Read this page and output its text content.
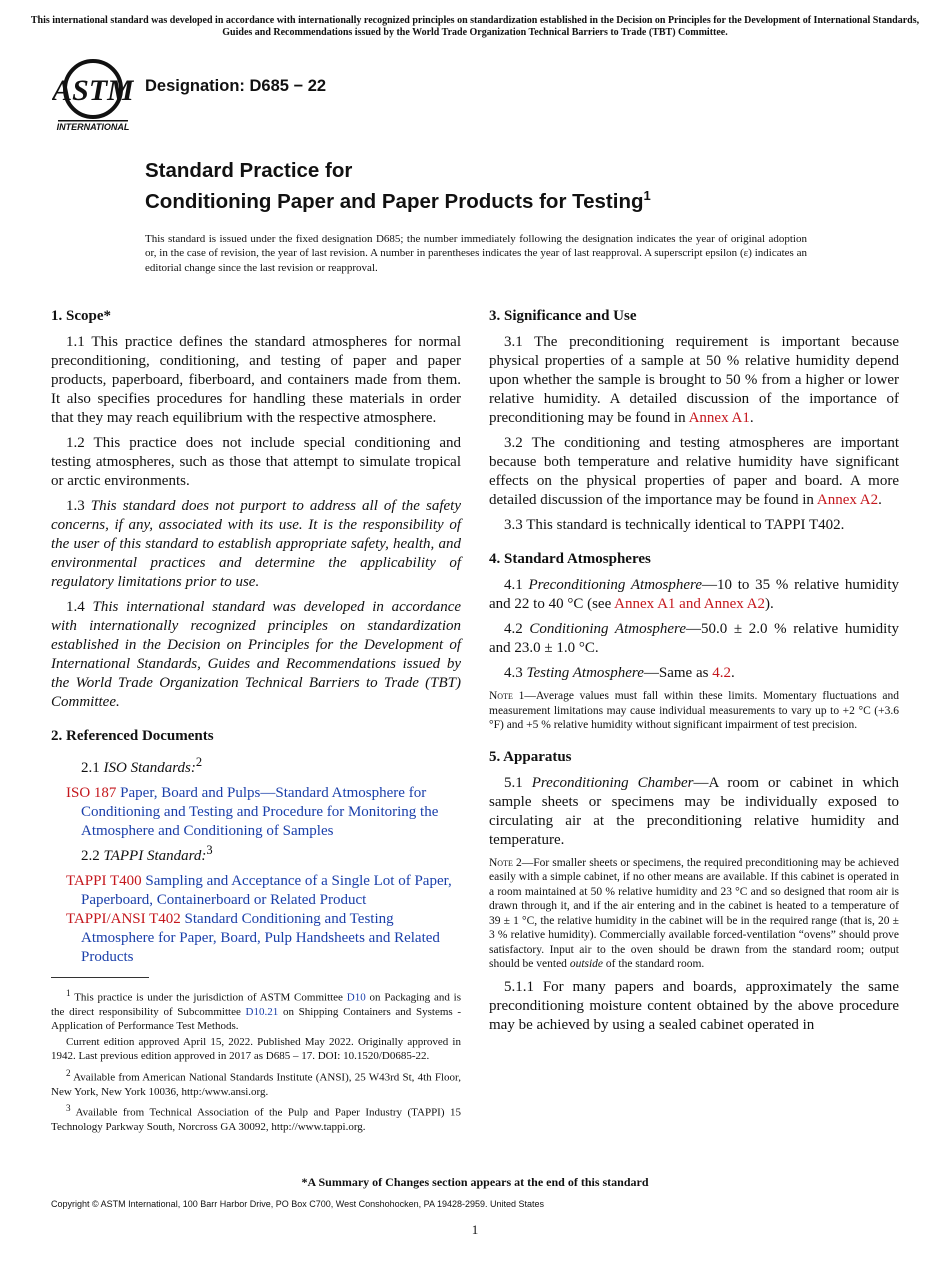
This international standard was developed in accordance with internationally recognized principles on standardization established in the Decision on Principles for the Development of International Standards, Guides and Recommendations issued by the World Trade Organization Technical Barriers to Trade (TBT) Committee.
ASTM
INTERNATIONAL
Designation: D685 − 22
Standard Practice for
Conditioning Paper and Paper Products for Testing$^1$
This standard is issued under the fixed designation D685; the number immediately following the designation indicates the year of original adoption or, in the case of revision, the year of last revision. A number in parentheses indicates the year of last reapproval. A superscript epsilon (ε) indicates an editorial change since the last revision or reapproval.
1. Scope*

1.1 This practice defines the standard atmospheres for normal preconditioning, conditioning, and testing of paper and paper products, paperboard, fiberboard, and containers made from them. It also specifies procedures for handling these materials in order that they may reach equilibrium with the respective atmosphere.

1.2 This practice does not include special conditioning and testing atmospheres, such as those that attempt to simulate tropical or arctic environments.

1.3 This standard does not purport to address all of the safety concerns, if any, associated with its use. It is the responsibility of the user of this standard to establish appropriate safety, health, and environmental practices and determine the applicability of regulatory limitations prior to use.

1.4 This international standard was developed in accordance with internationally recognized principles on standardization established in the Decision on Principles for the Development of International Standards, Guides and Recommendations issued by the World Trade Organization Technical Barriers to Trade (TBT) Committee.

2. Referenced Documents

2.1 ISO Standards:$^2$

ISO 187 Paper, Board and Pulps—Standard Atmosphere for Conditioning and Testing and Procedure for Monitoring the Atmosphere and Conditioning of Samples

2.2 TAPPI Standard:$^3$

TAPPI T400 Sampling and Acceptance of a Single Lot of Paper, Paperboard, Containerboard or Related Product

TAPPI/ANSI T402 Standard Conditioning and Testing Atmosphere for Paper, Board, Pulp Handsheets and Related Products

$^1$ This practice is under the jurisdiction of ASTM Committee D10 on Packaging and is the direct responsibility of Subcommittee D10.21 on Shipping Containers and Systems - Application of Performance Test Methods.

Current edition approved April 15, 2022. Published May 2022. Originally approved in 1942. Last previous edition approved in 2017 as D685 – 17. DOI: 10.1520/D0685-22.

$^2$ Available from American National Standards Institute (ANSI), 25 W43rd St, 4th Floor, New York, New York 10036, http:/www.ansi.org.

$^3$ Available from Technical Association of the Pulp and Paper Industry (TAPPI) 15 Technology Parkway South, Norcross GA 30092, http://www.tappi.org.

3. Significance and Use

3.1 The preconditioning requirement is important because physical properties of a sample at 50 % relative humidity depend upon whether the sample is brought to 50 % from a higher or lower relative humidity. A detailed discussion of the importance of preconditioning may be found in Annex A1.

3.2 The conditioning and testing atmospheres are important because both temperature and relative humidity have significant effects on the physical properties of paper and board. A more detailed discussion of the importance may be found in Annex A2.

3.3 This standard is technically identical to TAPPI T402.

4. Standard Atmospheres

4.1 Preconditioning Atmosphere—10 to 35 % relative humidity and 22 to 40 °C (see Annex A1 and Annex A2).

4.2 Conditioning Atmosphere—50.0 ± 2.0 % relative humidity and 23.0 ± 1.0 °C.

4.3 Testing Atmosphere—Same as 4.2.

Note 1—Average values must fall within these limits. Momentary fluctuations and measurement limitations may cause individual measurements to vary up to +2 °C (+3.6 °F) and +5 % relative humidity without significant impairment of test precision.

5. Apparatus

5.1 Preconditioning Chamber—A room or cabinet in which sample sheets or specimens may be individually exposed to circulating air at the preconditioning relative humidity and temperature.

Note 2—For smaller sheets or specimens, the required preconditioning may be achieved easily with a simple cabinet, if no other means are available. If this cabinet is operated in a room maintained at 50 % relative humidity and 23 °C and so designed that room air is drawn through it, and if the air entering and in the cabinet is heated to a temperature of 39 ± 1 °C, the relative humidity in the cabinet will be in the required range (that is, 20 ± 3 % relative humidity). Commercially available forced-ventilation “ovens” should prove satisfactory. Input air to the oven should be drawn from the standard room; output should be vented outside of the standard room.

5.1.1 For many papers and boards, approximately the same preconditioning moisture content obtained by the above procedure may be achieved by using a sealed cabinet operated in

*A Summary of Changes section appears at the end of this standard
Copyright © ASTM International, 100 Barr Harbor Drive, PO Box C700, West Conshohocken, PA 19428-2959. United States
1
